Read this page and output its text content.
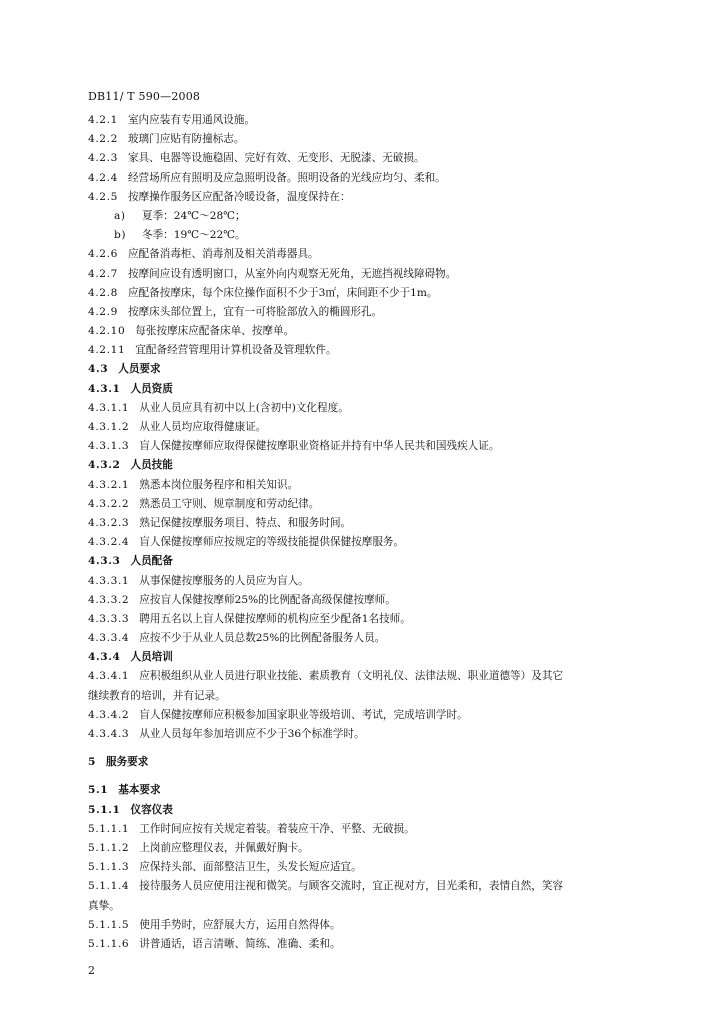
DB11/ T 590—2008
4.2.1 室内应装有专用通风设施。
4.2.2 玻璃门应贴有防撞标志。
4.2.3 家具、电器等设施稳固、完好有效、无变形、无脱漆、无破损。
4.2.4 经营场所应有照明及应急照明设备。照明设备的光线应均匀、柔和。
4.2.5 按摩操作服务区应配备冷暖设备，温度保持在：
a) 夏季：24℃～28℃；
b) 冬季：19℃～22℃。
4.2.6 应配备消毒柜、消毒剂及相关消毒器具。
4.2.7 按摩间应设有透明窗口，从室外向内观察无死角，无遮挡视线障碍物。
4.2.8 应配备按摩床，每个床位操作面积不少于3㎡，床间距不少于1m。
4.2.9 按摩床头部位置上，宜有一可将脸部放入的椭圆形孔。
4.2.10 每张按摩床应配备床单、按摩单。
4.2.11 宜配备经营管理用计算机设备及管理软件。
4.3 人员要求
4.3.1 人员资质
4.3.1.1 从业人员应具有初中以上(含初中)文化程度。
4.3.1.2 从业人员均应取得健康证。
4.3.1.3 盲人保健按摩师应取得保健按摩职业资格证并持有中华人民共和国残疾人证。
4.3.2 人员技能
4.3.2.1 熟悉本岗位服务程序和相关知识。
4.3.2.2 熟悉员工守则、规章制度和劳动纪律。
4.3.2.3 熟记保健按摩服务项目、特点、和服务时间。
4.3.2.4 盲人保健按摩师应按规定的等级技能提供保健按摩服务。
4.3.3 人员配备
4.3.3.1 从事保健按摩服务的人员应为盲人。
4.3.3.2 应按盲人保健按摩师25%的比例配备高级保健按摩师。
4.3.3.3 聘用五名以上盲人保健按摩师的机构应至少配备1名技师。
4.3.3.4 应按不少于从业人员总数25%的比例配备服务人员。
4.3.4 人员培训
4.3.4.1 应积极组织从业人员进行职业技能、素质教育（文明礼仪、法律法规、职业道德等）及其它
继续教育的培训，并有记录。
4.3.4.2 盲人保健按摩师应积极参加国家职业等级培训、考试，完成培训学时。
4.3.4.3 从业人员每年参加培训应不少于36个标准学时。
5 服务要求
5.1 基本要求
5.1.1 仪容仪表
5.1.1.1 工作时间应按有关规定着装。着装应干净、平整、无破损。
5.1.1.2 上岗前应整理仪表，并佩戴好胸卡。
5.1.1.3 应保持头部、面部整洁卫生，头发长短应适宜。
5.1.1.4 接待服务人员应使用注视和微笑。与顾客交流时，宜正视对方，目光柔和，表情自然，笑容
真挚。
5.1.1.5 使用手势时，应舒展大方，运用自然得体。
5.1.1.6 讲普通话，语言清晰、简练、准确、柔和。
2
